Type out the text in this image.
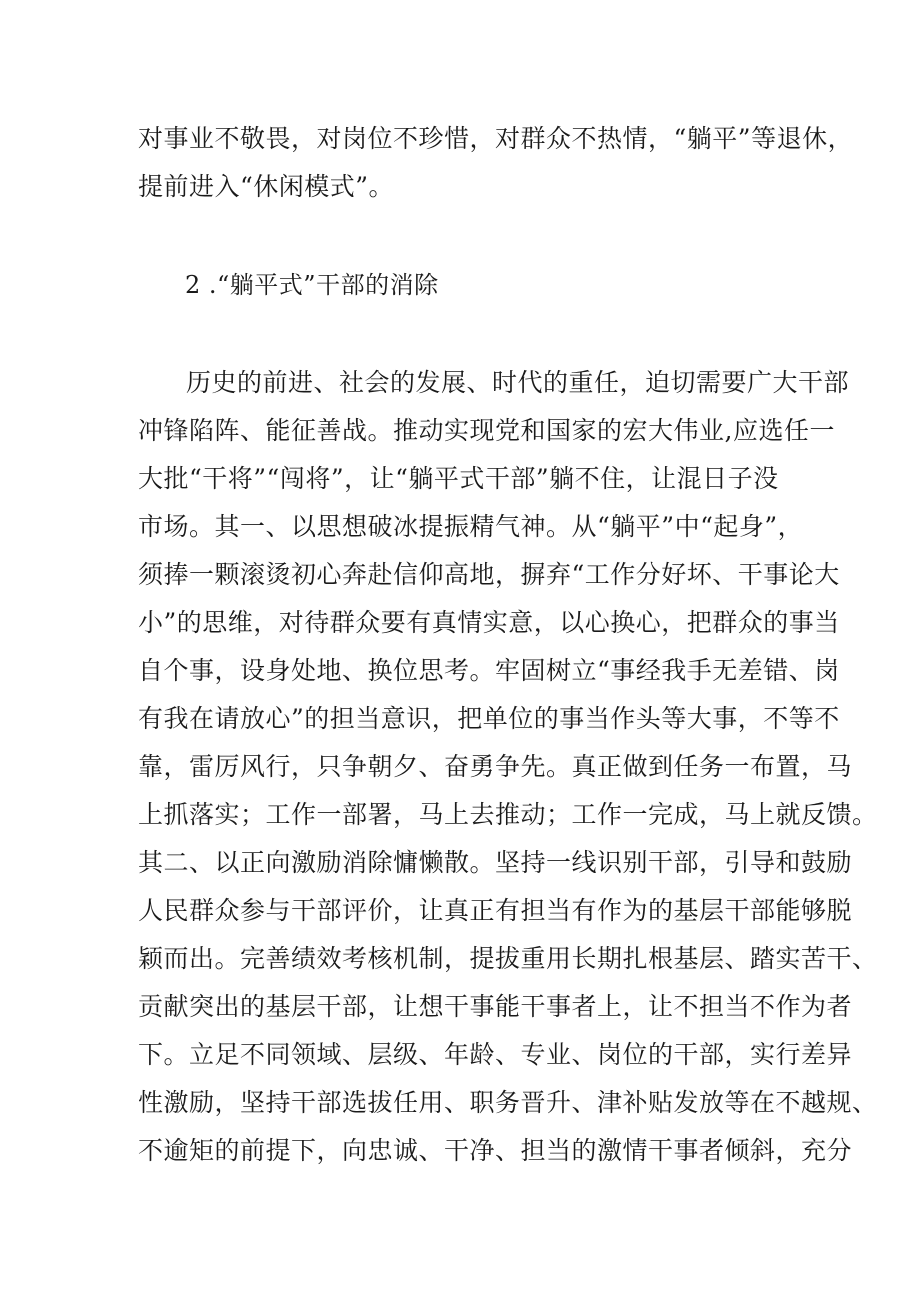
对事业不敬畏，对岗位不珍惜，对群众不热情，“躺平”等退休，
提前进入“休闲模式”。
2 .“躺平式”干部的消除
历史的前进、社会的发展、时代的重任，迫切需要广大干部
冲锋陷阵、能征善战。推动实现党和国家的宏大伟业,应选任一
大批“干将”“闯将”，让“躺平式干部”躺不住，让混日子没
市场。其一、以思想破冰提振精气神。从“躺平”中“起身”，
须捧一颗滚烫初心奔赴信仰高地，摒弃“工作分好坏、干事论大
小”的思维，对待群众要有真情实意，以心换心，把群众的事当
自个事，设身处地、换位思考。牢固树立“事经我手无差错、岗
有我在请放心”的担当意识，把单位的事当作头等大事，不等不
靠，雷厉风行，只争朝夕、奋勇争先。真正做到任务一布置，马
上抓落实；工作一部署，马上去推动；工作一完成，马上就反馈。
其二、以正向激励消除慵懒散。坚持一线识别干部，引导和鼓励
人民群众参与干部评价，让真正有担当有作为的基层干部能够脱
颖而出。完善绩效考核机制，提拔重用长期扎根基层、踏实苦干、
贡献突出的基层干部，让想干事能干事者上，让不担当不作为者
下。立足不同领域、层级、年龄、专业、岗位的干部，实行差异
性激励，坚持干部选拔任用、职务晋升、津补贴发放等在不越规、
不逾矩的前提下，向忠诚、干净、担当的激情干事者倾斜，充分
